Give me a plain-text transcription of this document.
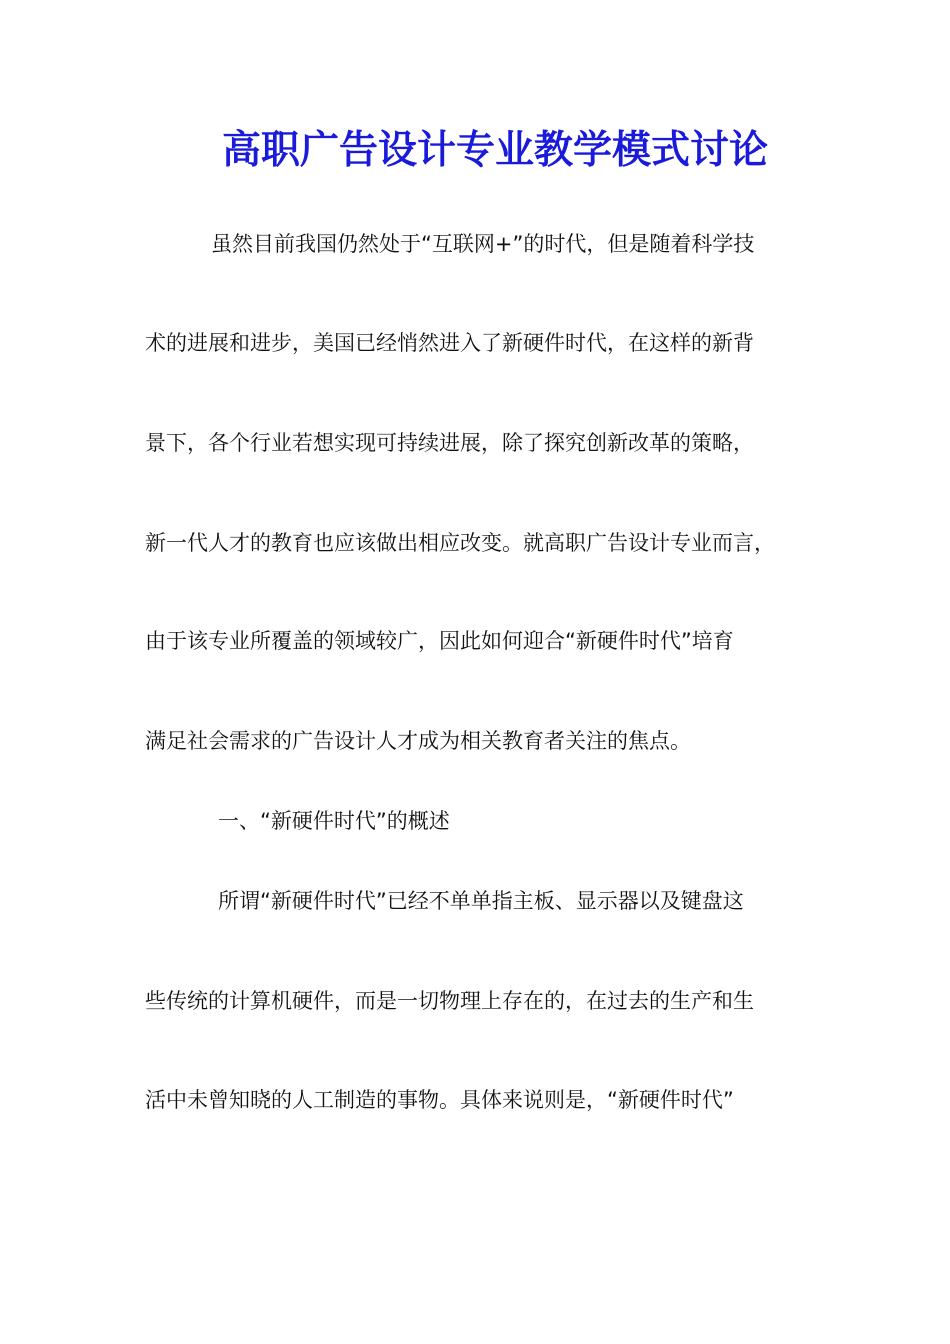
高职广告设计专业教学模式讨论
虽然目前我国仍然处于“互联网+”的时代，但是随着科学技
术的进展和进步，美国已经悄然进入了新硬件时代，在这样的新背
景下，各个行业若想实现可持续进展，除了探究创新改革的策略，
新一代人才的教育也应该做出相应改变。就高职广告设计专业而言，
由于该专业所覆盖的领域较广，因此如何迎合“新硬件时代”培育
满足社会需求的广告设计人才成为相关教育者关注的焦点。
一、“新硬件时代”的概述
所谓“新硬件时代”已经不单单指主板、显示器以及键盘这
些传统的计算机硬件，而是一切物理上存在的，在过去的生产和生
活中未曾知晓的人工制造的事物。具体来说则是，“新硬件时代”
